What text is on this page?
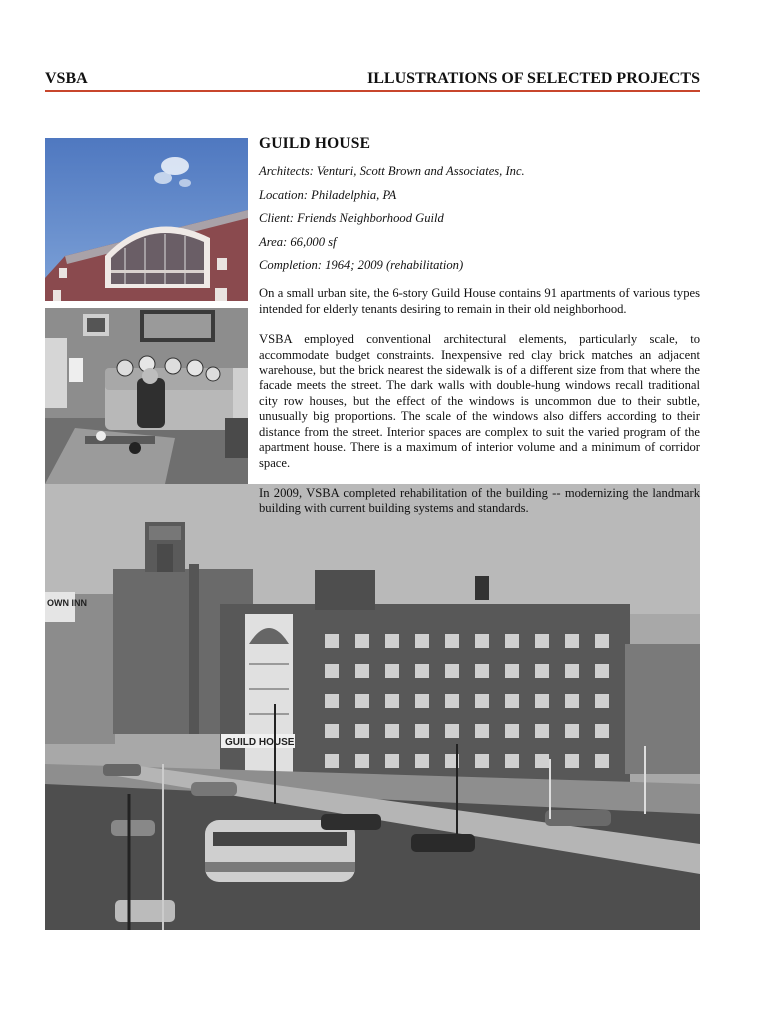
VSBA	ILLUSTRATIONS OF SELECTED PROJECTS
OWN INN
GUILD HOUSE
GUILD HOUSE
Architects: Venturi, Scott Brown and Associates, Inc.
Location: Philadelphia, PA
Client: Friends Neighborhood Guild
Area: 66,000 sf
Completion: 1964; 2009 (rehabilitation)

On a small urban site, the 6-story Guild House contains 91 apartments of various types intended for elderly tenants desiring to remain in their old neighborhood.

VSBA employed conventional architectural elements, particularly scale, to accommodate budget constraints. Inexpensive red clay brick matches an adjacent warehouse, but the brick nearest the sidewalk is of a different size from that where the facade meets the street. The dark walls with double-hung windows recall traditional city row houses, but the effect of the windows is uncommon due to their subtle, unusually big proportions. The scale of the windows also differs according to their distance from the street. Interior spaces are complex to suit the varied program of the apartment house. There is a maximum of interior volume and a minimum of corridor space.

In 2009, VSBA completed rehabilitation of the building -- modernizing the landmark building with current building systems and standards.
